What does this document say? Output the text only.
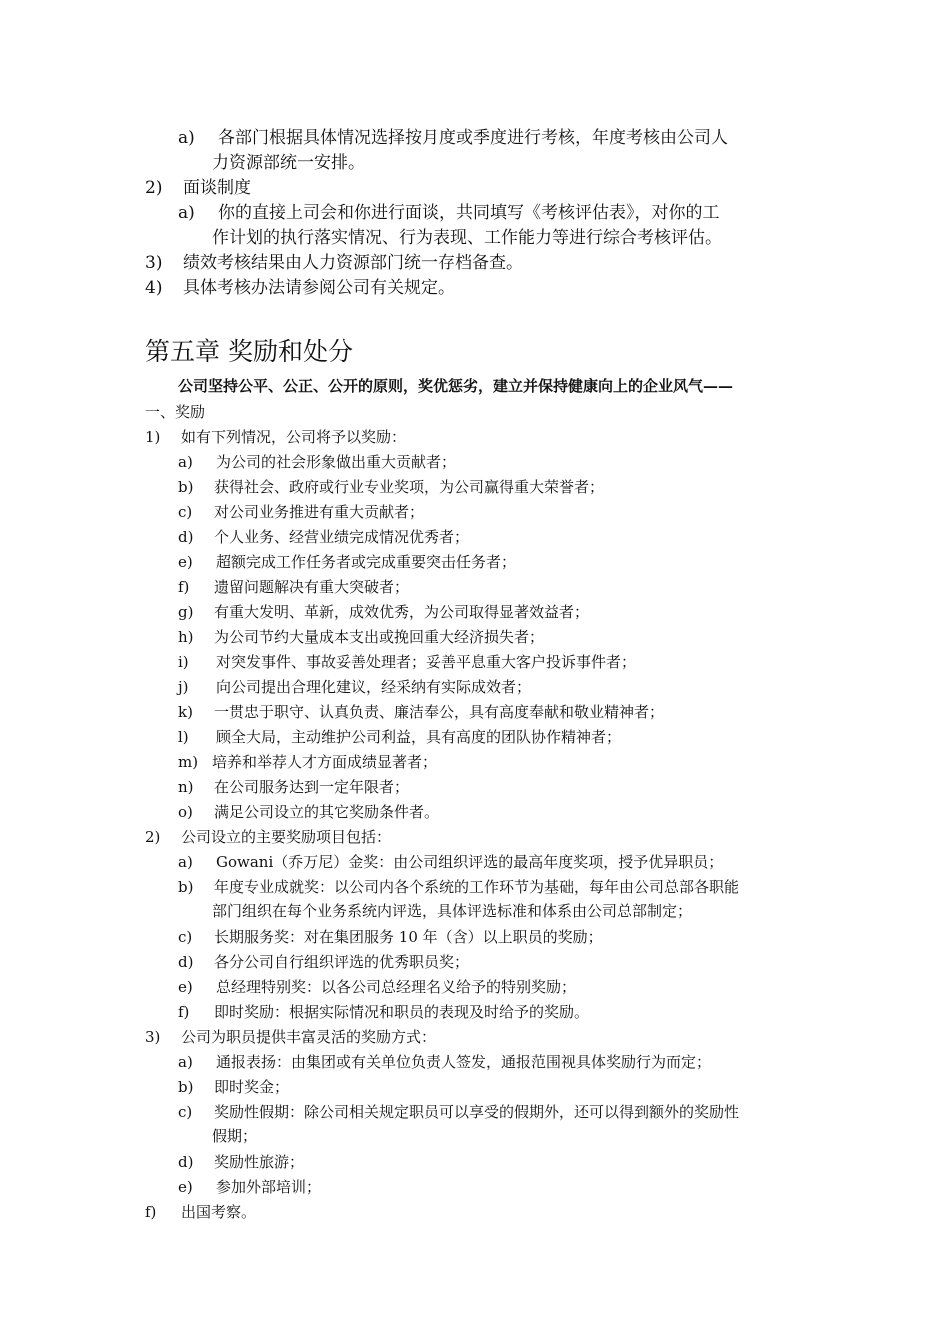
a) 各部门根据具体情况选择按月度或季度进行考核，年度考核由公司人
力资源部统一安排。
2) 面谈制度
a) 你的直接上司会和你进行面谈，共同填写《考核评估表》，对你的工
作计划的执行落实情况、行为表现、工作能力等进行综合考核评估。
3) 绩效考核结果由人力资源部门统一存档备查。
4) 具体考核办法请参阅公司有关规定。
第五章 奖励和处分
公司坚持公平、公正、公开的原则，奖优惩劣，建立并保持健康向上的企业风气——
一、奖励
1) 如有下列情况，公司将予以奖励：
a) 为公司的社会形象做出重大贡献者；
b) 获得社会、政府或行业专业奖项，为公司赢得重大荣誉者；
c) 对公司业务推进有重大贡献者；
d) 个人业务、经营业绩完成情况优秀者；
e) 超额完成工作任务者或完成重要突击任务者；
f) 遗留问题解决有重大突破者；
g) 有重大发明、革新，成效优秀，为公司取得显著效益者；
h) 为公司节约大量成本支出或挽回重大经济损失者；
i) 对突发事件、事故妥善处理者；妥善平息重大客户投诉事件者；
j) 向公司提出合理化建议，经采纳有实际成效者；
k) 一贯忠于职守、认真负责、廉洁奉公，具有高度奉献和敬业精神者；
l) 顾全大局，主动维护公司利益，具有高度的团队协作精神者；
m) 培养和举荐人才方面成绩显著者；
n) 在公司服务达到一定年限者；
o) 满足公司设立的其它奖励条件者。
2) 公司设立的主要奖励项目包括：
a) Gowani（乔万尼）金奖：由公司组织评选的最高年度奖项，授予优异职员；
b) 年度专业成就奖：以公司内各个系统的工作环节为基础，每年由公司总部各职能
部门组织在每个业务系统内评选，具体评选标准和体系由公司总部制定；
c) 长期服务奖：对在集团服务 10 年（含）以上职员的奖励；
d) 各分公司自行组织评选的优秀职员奖；
e) 总经理特别奖：以各公司总经理名义给予的特别奖励；
f) 即时奖励：根据实际情况和职员的表现及时给予的奖励。
3) 公司为职员提供丰富灵活的奖励方式：
a) 通报表扬：由集团或有关单位负责人签发，通报范围视具体奖励行为而定；
b) 即时奖金；
c) 奖励性假期：除公司相关规定职员可以享受的假期外，还可以得到额外的奖励性
假期；
d) 奖励性旅游；
e) 参加外部培训；
f) 出国考察。
